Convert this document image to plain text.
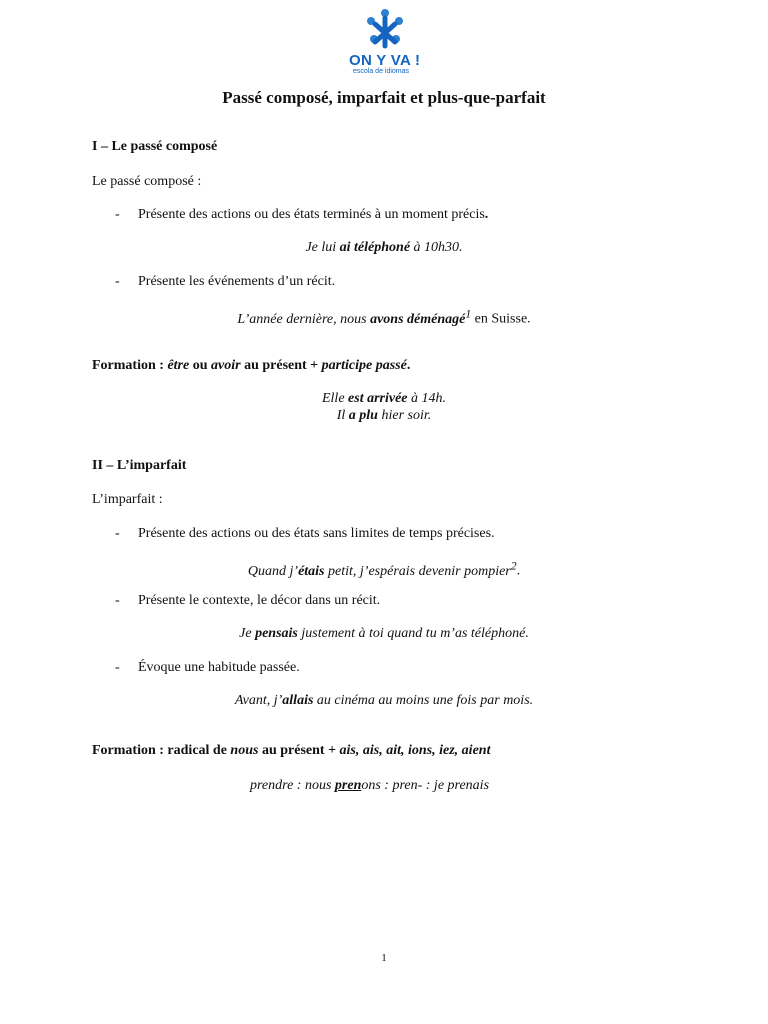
ON Y VA !
escola de idiomas
Passé composé, imparfait et plus-que-parfait
I – Le passé composé
Le passé composé :
- Présente des actions ou des états terminés à un moment précis.
Je lui ai téléphoné à 10h30.
- Présente les événements d’un récit.
L’année dernière, nous avons déménagé$^1$ en Suisse.
Formation : être ou avoir au présent + participe passé.
Elle est arrivée à 14h.
Il a plu hier soir.
II – L’imparfait
L’imparfait :
- Présente des actions ou des états sans limites de temps précises.
Quand j’étais petit, j’espérais devenir pompier$^2$.
- Présente le contexte, le décor dans un récit.
Je pensais justement à toi quand tu m’as téléphoné.
- Évoque une habitude passée.
Avant, j’allais au cinéma au moins une fois par mois.
Formation : radical de nous au présent + ais, ais, ait, ions, iez, aient
prendre : nous prenons : pren- : je prenais
1
